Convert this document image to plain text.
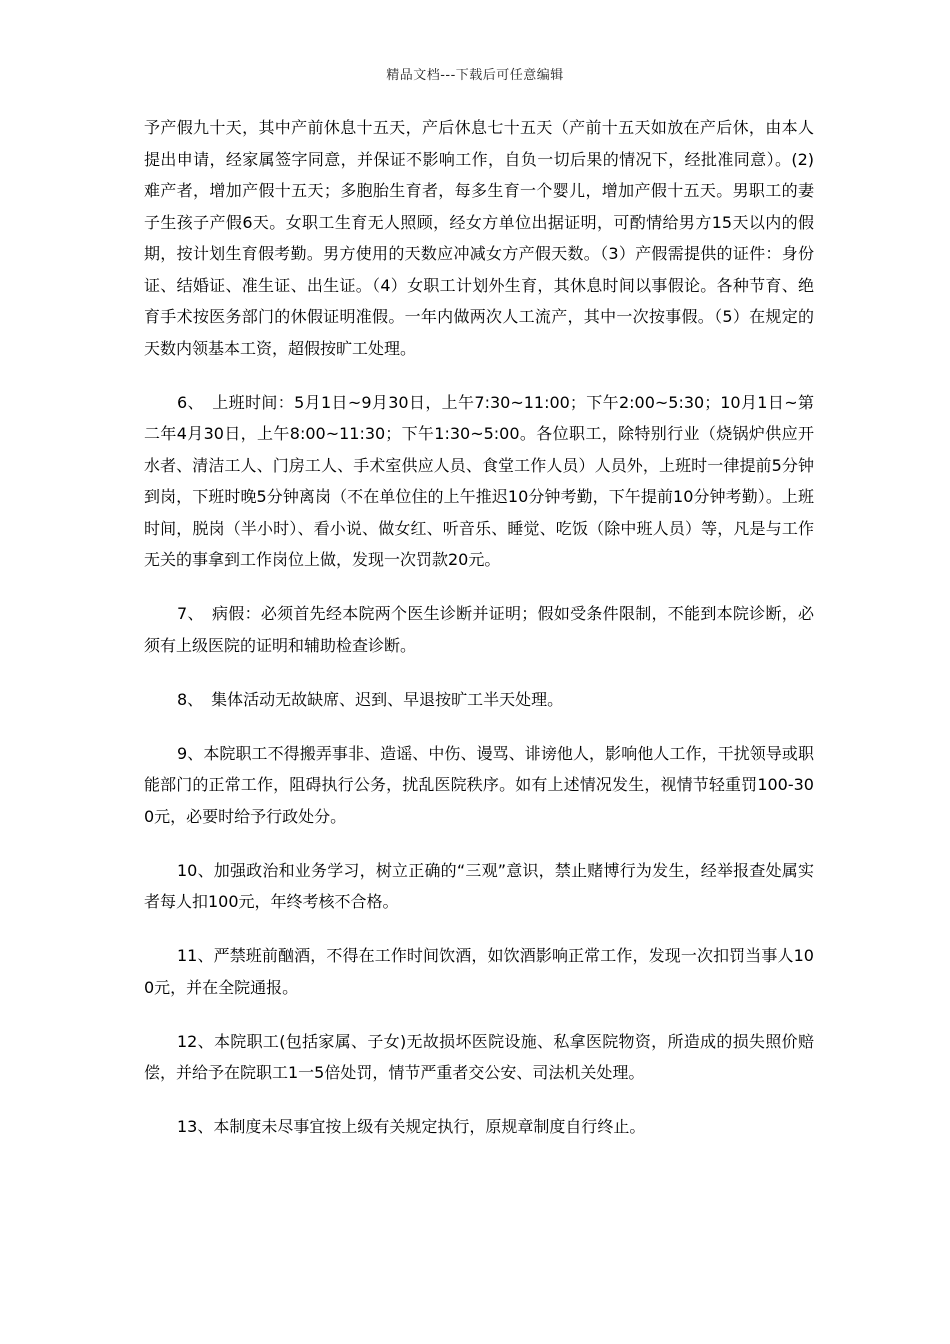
精品文档---下载后可任意编辑

予产假九十天，其中产前休息十五天，产后休息七十五天（产前十五天如放在产后休，由本人提出申请，经家属签字同意，并保证不影响工作，自负一切后果的情况下，经批准同意）。(2)难产者，增加产假十五天；多胞胎生育者，每多生育一个婴儿，增加产假十五天。男职工的妻子生孩子产假6天。女职工生育无人照顾，经女方单位出据证明，可酌情给男方15天以内的假期，按计划生育假考勤。男方使用的天数应冲减女方产假天数。（3）产假需提供的证件：身份证、结婚证、准生证、出生证。（4）女职工计划外生育，其休息时间以事假论。各种节育、绝育手术按医务部门的休假证明准假。一年内做两次人工流产，其中一次按事假。（5）在规定的天数内领基本工资，超假按旷工处理。

6、　上班时间：5月1日~9月30日，上午7:30~11:00；下午2:00~5:30；10月1日~第二年4月30日，上午8:00~11:30；下午1:30~5:00。各位职工，除特别行业（烧锅炉供应开水者、清洁工人、门房工人、手术室供应人员、食堂工作人员）人员外，上班时一律提前5分钟到岗，下班时晚5分钟离岗（不在单位住的上午推迟10分钟考勤，下午提前10分钟考勤）。上班时间，脱岗（半小时）、看小说、做女红、听音乐、睡觉、吃饭（除中班人员）等，凡是与工作无关的事拿到工作岗位上做，发现一次罚款20元。

7、　病假：必须首先经本院两个医生诊断并证明；假如受条件限制，不能到本院诊断，必须有上级医院的证明和辅助检查诊断。

8、　集体活动无故缺席、迟到、早退按旷工半天处理。

9、本院职工不得搬弄事非、造谣、中伤、谩骂、诽谤他人，影响他人工作，干扰领导或职能部门的正常工作，阻碍执行公务，扰乱医院秩序。如有上述情况发生，视情节轻重罚100-300元，必要时给予行政处分。

10、加强政治和业务学习，树立正确的“三观”意识，禁止赌博行为发生，经举报查处属实者每人扣100元，年终考核不合格。

11、严禁班前酗酒，不得在工作时间饮酒，如饮酒影响正常工作，发现一次扣罚当事人100元，并在全院通报。

12、本院职工(包括家属、子女)无故损坏医院设施、私拿医院物资，所造成的损失照价赔偿，并给予在院职工1一5倍处罚，情节严重者交公安、司法机关处理。

13、本制度未尽事宜按上级有关规定执行，原规章制度自行终止。
